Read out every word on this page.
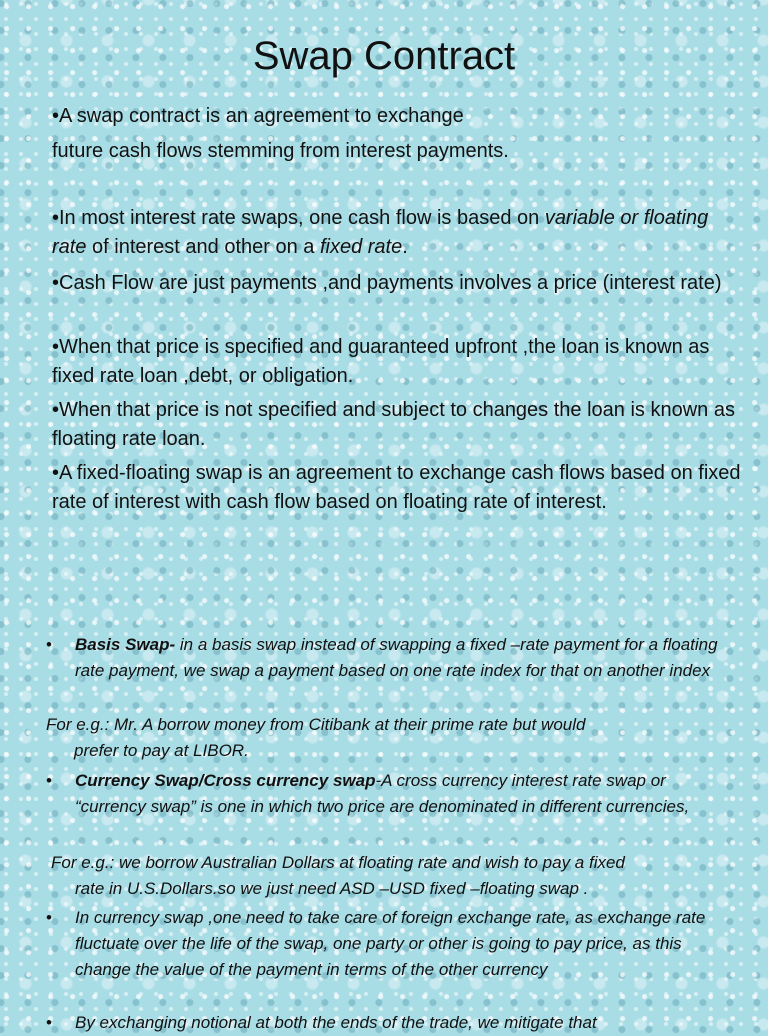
Swap Contract

•A swap contract is an agreement to exchange

future cash flows stemming from interest payments.

•In most interest rate swaps, one cash flow is based on variable or floating rate of interest and other on a fixed rate.

•Cash Flow are just payments ,and payments involves a price (interest rate)

•When that price is specified and guaranteed upfront ,the loan is known as fixed rate loan ,debt, or obligation.

•When that price is not specified and subject to changes the loan is known as floating rate loan.

•A fixed-floating swap is an agreement to exchange cash flows based on fixed rate of interest with cash flow based on floating rate of interest.

•	Basis Swap- in a basis swap instead of swapping a fixed –rate payment for a floating rate payment, we swap a payment based on one rate index for that on another index
For e.g.: Mr. A borrow money from Citibank at their prime rate but would
prefer to pay at LIBOR.
•	Currency Swap/Cross currency swap-A cross currency interest rate swap or “currency swap” is one in which two price are denominated in different currencies,
For e.g.: we borrow Australian Dollars at floating rate and wish to pay a fixed
rate in U.S.Dollars.so we just need ASD –USD fixed –floating swap .
•	In currency swap ,one need to take care of foreign exchange rate, as exchange rate fluctuate over the life of the swap, one party or other is going to pay price, as this change the value of the payment in terms of the other currency
•	By exchanging notional at both the ends of the trade, we mitigate that
